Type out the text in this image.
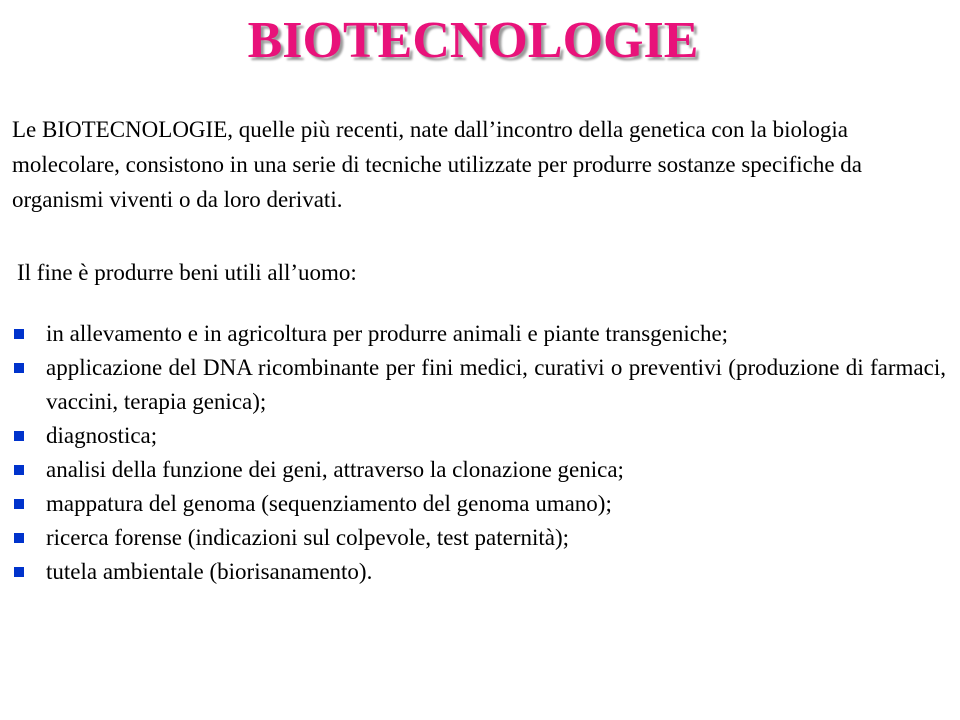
BIOTECNOLOGIE

Le BIOTECNOLOGIE, quelle più recenti, nate dall’incontro della genetica con la biologia molecolare, consistono in una serie di tecniche utilizzate per produrre sostanze specifiche da organismi viventi o da loro derivati.

Il fine è produrre beni utili all’uomo:

in allevamento e in agricoltura per produrre animali e piante transgeniche;
applicazione del DNA ricombinante per fini medici, curativi o preventivi (produzione di farmaci, vaccini, terapia genica);
diagnostica;
analisi della funzione dei geni, attraverso la clonazione genica;
mappatura del genoma (sequenziamento del genoma umano);
ricerca forense (indicazioni sul colpevole, test paternità);
tutela ambientale (biorisanamento).
